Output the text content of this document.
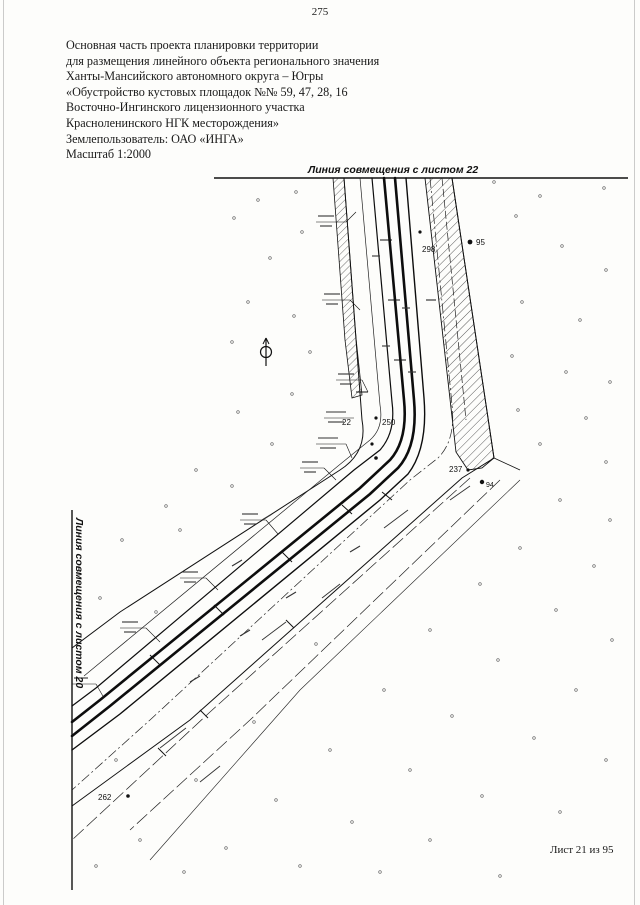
275
Основная часть проекта планировки территории
для размещения линейного объекта регионального значения
Ханты-Мансийского автономного округа – Югры
«Обустройство кустовых площадок №№ 59, 47, 28, 16
Восточно-Ингинского лицензионного участка
Красноленинского НГК месторождения»
Землепользователь: ОАО «ИНГА»
Масштаб 1:2000
95
94
298
250
22
237
262
Линия совмещения с листом 22
Линия совмещения с листом 20
Лист 21 из 95
